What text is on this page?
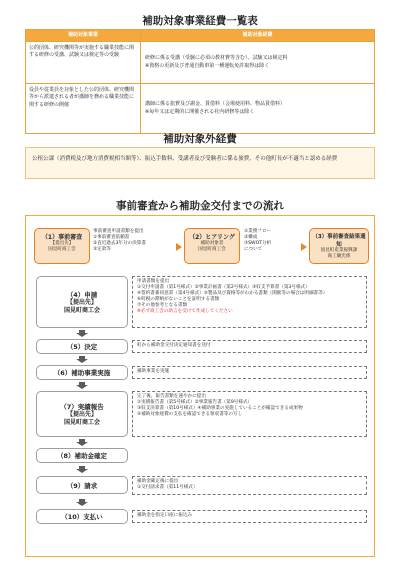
補助対象事業経費一覧表
補助対象事業	補助対象経費
公的団体、研究機関等が実施する職業技能に関する研修の受講、試験又は検定等の受験	研修に係る受講（受験に必須の教材費等含む）、試験又は検定料
※資格の更新及び普通自動車第一種運転免許取得は除く
役員や従業員を対象とした公的団体、研究機関等から派遣される者が講師を務める職業技能に関する研修の開催	講師に係る旅費及び謝金、賃借料（会場使用料、物品賃借料）
※毎年又は定期的に開催される社内研修等は除く
補助対象外経費
公租公課（消費税及び地方消費税相当額等）、振込手数料、受講者及び受験者に係る旅費、その他町長が不適当と認める経費
事前審査から補助金交付までの流れ
（1）事前審査
【提出先】
国見町商工会
事前審査申請書類を提出
①事前審査依頼書
②直近過去3年分の決算書
③定款等
（2）ヒアリング
補助対象者
国見町商工会
①業務フロー
②構成
③SWOT分析
について
（3）事前審査結果通知
国見町産業振興課
商工観光係
（4）申請
【提出先】
国見町商工会
申請書類を提出
①交付申請書（第1号様式）②事業計画書（第2号様式）③収支予算書（第3号様式）
④誓約書兼同意書（第4号様式）⑤製品及び資格等がわかる書類（開催等の場合は明細書等）
⑥町税の滞納がないことを証明する書類
⑦その他参考となる書類
※必ず商工会の助言を受けて作成してください
（5）決定	町から補助金交付決定通知書を送付
（6）補助事業実施	補助事業を実施
（7）実績報告
【提出先】
国見町商工会
完了後、報告書類を速やかに提出
①実績報告書（第5号様式）②事業報告書（第9号様式）
③収支決算書（第10号様式）④補助事業の実施していることが確認できる成果物
⑤補助対象経費の支払を確認できる領収書等の写し
（8）補助金確定
（9）請求	補助金確定後に提出
①交付請求書（第11号様式）
（10）支払い	補助金を指定口座に振込み
